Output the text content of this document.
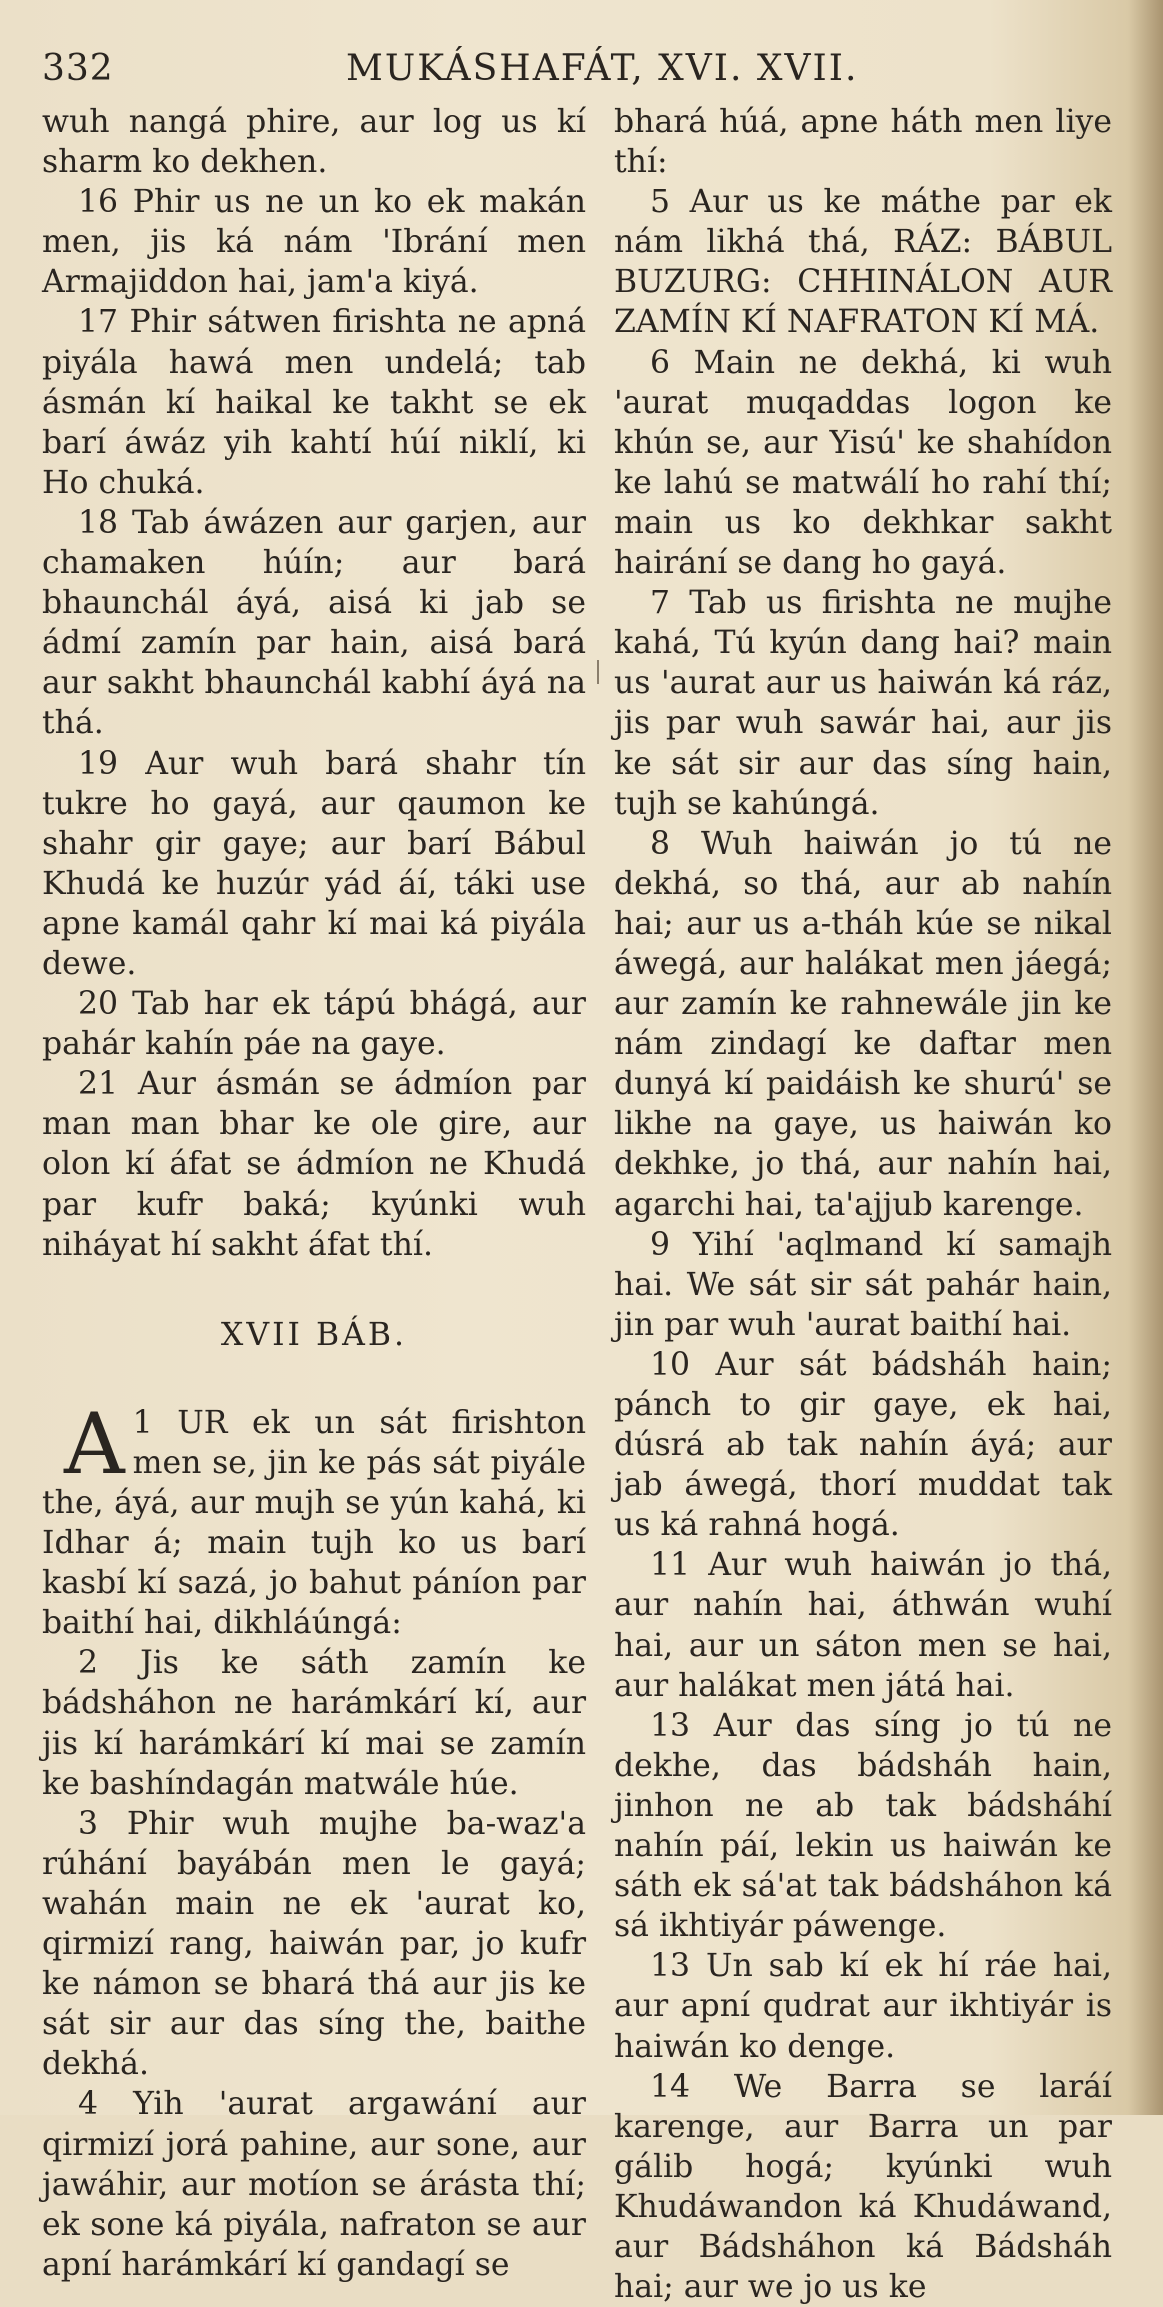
332	MUKÁSHAFÁT, XVI. XVII.

wuh nangá phire, aur log us kí sharm ko dekhen.

16 Phir us ne un ko ek makán men, jis ká nám 'Ibrání men Armajiddon hai, jam'a kiyá.

17 Phir sátwen firishta ne apná piyála hawá men undelá; tab ásmán kí haikal ke takht se ek barí áwáz yih kahtí húí niklí, ki Ho chuká.

18 Tab áwázen aur garjen, aur chamaken húín; aur bará bhaunchál áyá, aisá ki jab se ádmí zamín par hain, aisá bará aur sakht bhaunchál kabhí áyá na thá.

19 Aur wuh bará shahr tín tukre ho gayá, aur qaumon ke shahr gir gaye; aur barí Bábul Khudá ke huzúr yád áí, táki use apne kamál qahr kí mai ká piyála dewe.

20 Tab har ek tápú bhágá, aur pahár kahín páe na gaye.

21 Aur ásmán se ádmíon par man man bhar ke ole gire, aur olon kí áfat se ádmíon ne Khudá par kufr baká; kyúnki wuh niháyat hí sakht áfat thí.

XVII BÁB.

1
A UR ek un sát firishton men se, jin ke pás sát piyále the, áyá, aur mujh se yún kahá, ki Idhar á; main tujh ko us barí kasbí kí sazá, jo bahut páníon par baithí hai, dikhláúngá:

2 Jis ke sáth zamín ke bádsháhon ne harámkárí kí, aur jis kí harámkárí kí mai se zamín ke bashíndagán matwále húe.

3 Phir wuh mujhe ba-waz'a rúhání bayábán men le gayá; wahán main ne ek 'aurat ko, qirmizí rang, haiwán par, jo kufr ke námon se bhará thá aur jis ke sát sir aur das síng the, baithe dekhá.

4 Yih 'aurat argawání aur qirmizí jorá pahine, aur sone, aur jawáhir, aur motíon se árásta thí; ek sone ká piyála, nafraton se aur apní harámkárí kí gandagí se

bhará húá, apne háth men liye thí:

5 Aur us ke máthe par ek nám likhá thá, RÁZ: BÁBUL BUZURG: CHHINÁLON AUR ZAMÍN KÍ NAFRATON KÍ MÁ.

6 Main ne dekhá, ki wuh 'aurat muqaddas logon ke khún se, aur Yisú' ke shahídon ke lahú se matwálí ho rahí thí; main us ko dekhkar sakht hairání se dang ho gayá.

7 Tab us firishta ne mujhe kahá, Tú kyún dang hai? main us 'aurat aur us haiwán ká ráz, jis par wuh sawár hai, aur jis ke sát sir aur das síng hain, tujh se kahúngá.

8 Wuh haiwán jo tú ne dekhá, so thá, aur ab nahín hai; aur us a-tháh kúe se nikal áwegá, aur halákat men jáegá; aur zamín ke rahnewále jin ke nám zindagí ke daftar men dunyá kí paidáish ke shurú' se likhe na gaye, us haiwán ko dekhke, jo thá, aur nahín hai, agarchi hai, ta'ajjub karenge.

9 Yihí 'aqlmand kí samajh hai. We sát sir sát pahár hain, jin par wuh 'aurat baithí hai.

10 Aur sát bádsháh hain; pánch to gir gaye, ek hai, dúsrá ab tak nahín áyá; aur jab áwegá, thorí muddat tak us ká rahná hogá.

11 Aur wuh haiwán jo thá, aur nahín hai, áthwán wuhí hai, aur un sáton men se hai, aur halákat men játá hai.

13 Aur das síng jo tú ne dekhe, das bádsháh hain, jinhon ne ab tak bádsháhí nahín páí, lekin us haiwán ke sáth ek sá'at tak bádsháhon ká sá ikhtiyár páwenge.

13 Un sab kí ek hí ráe hai, aur apní qudrat aur ikhtiyár is haiwán ko denge.

14 We Barra se laráí karenge, aur Barra un par gálib hogá; kyúnki wuh Khudáwandon ká Khudáwand, aur Bádsháhon ká Bádsháh hai; aur we jo us ke
